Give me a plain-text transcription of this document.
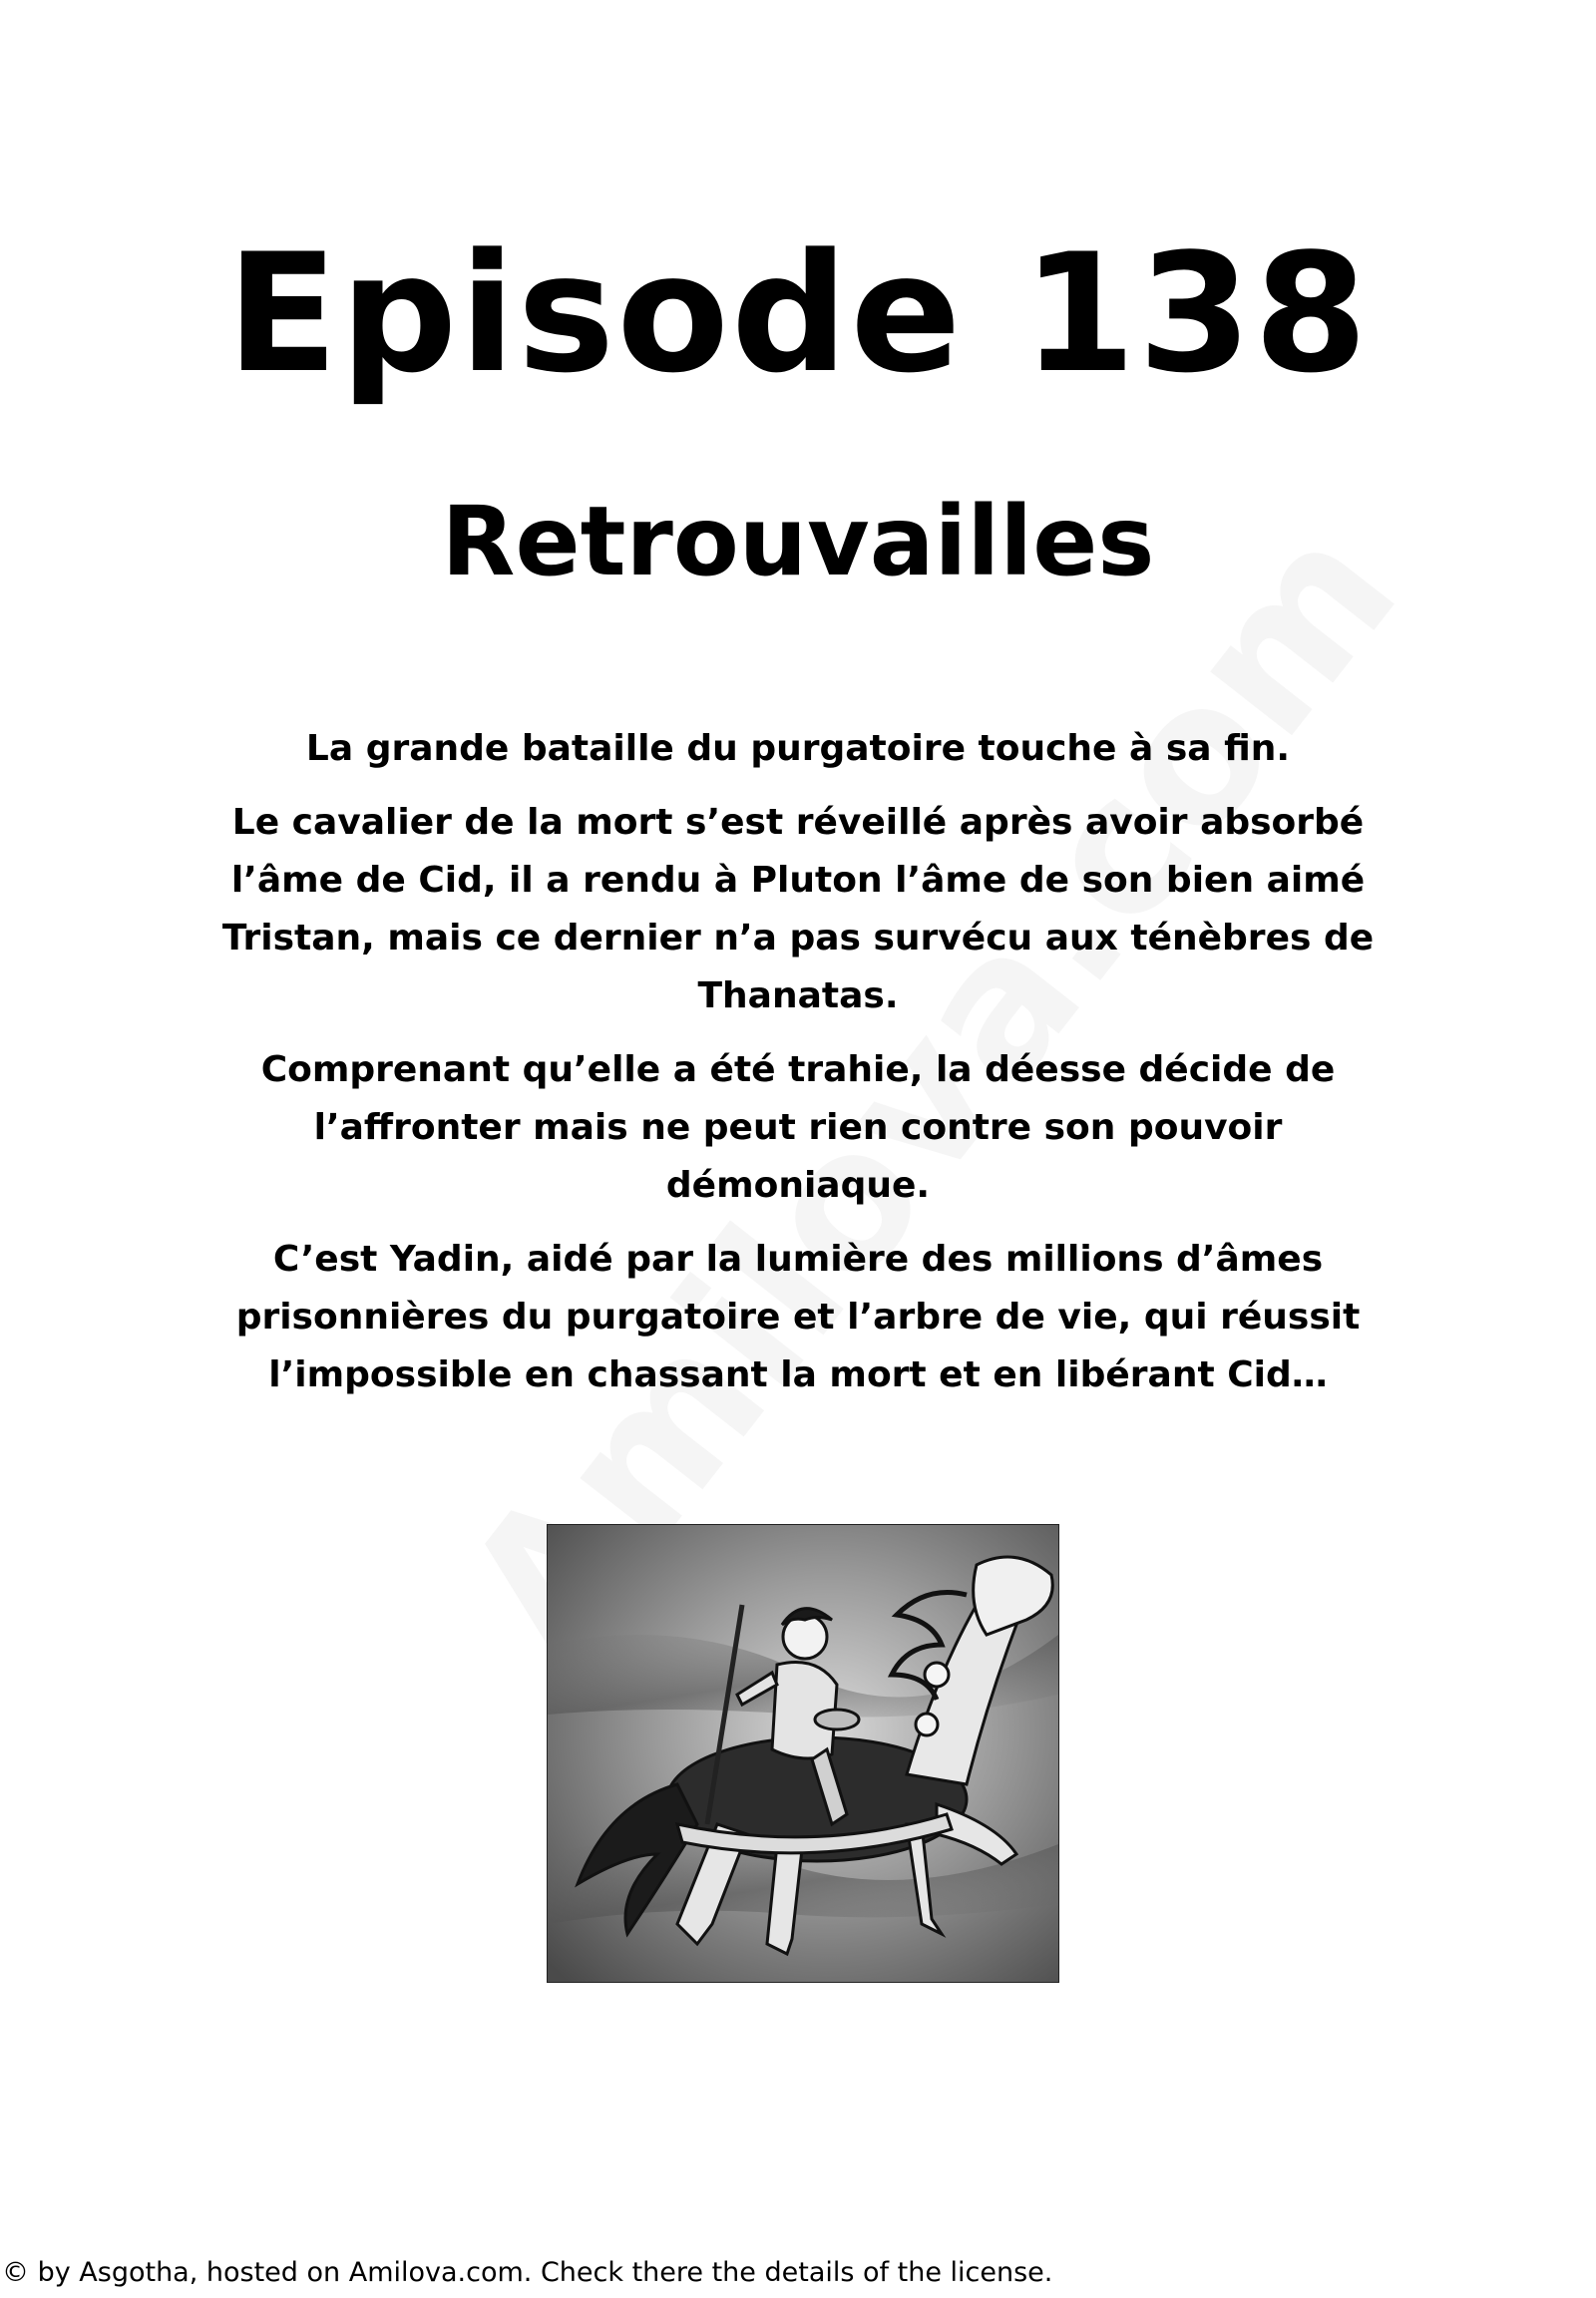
Episode 138
Retrouvailles

La grande bataille du purgatoire touche à sa fin.

Le cavalier de la mort s’est réveillé après avoir absorbé l’âme de Cid, il a rendu à Pluton l’âme de son bien aimé Tristan, mais ce dernier n’a pas survécu aux ténèbres de Thanatas.

Comprenant qu’elle a été trahie, la déesse décide de l’affronter mais ne peut rien contre son pouvoir démoniaque.

C’est Yadin, aidé par la lumière des millions d’âmes prisonnières du purgatoire et l’arbre de vie, qui réussit l’impossible en chassant la mort et en libérant Cid…

© by Asgotha, hosted on Amilova.com. Check there the details of the license.
